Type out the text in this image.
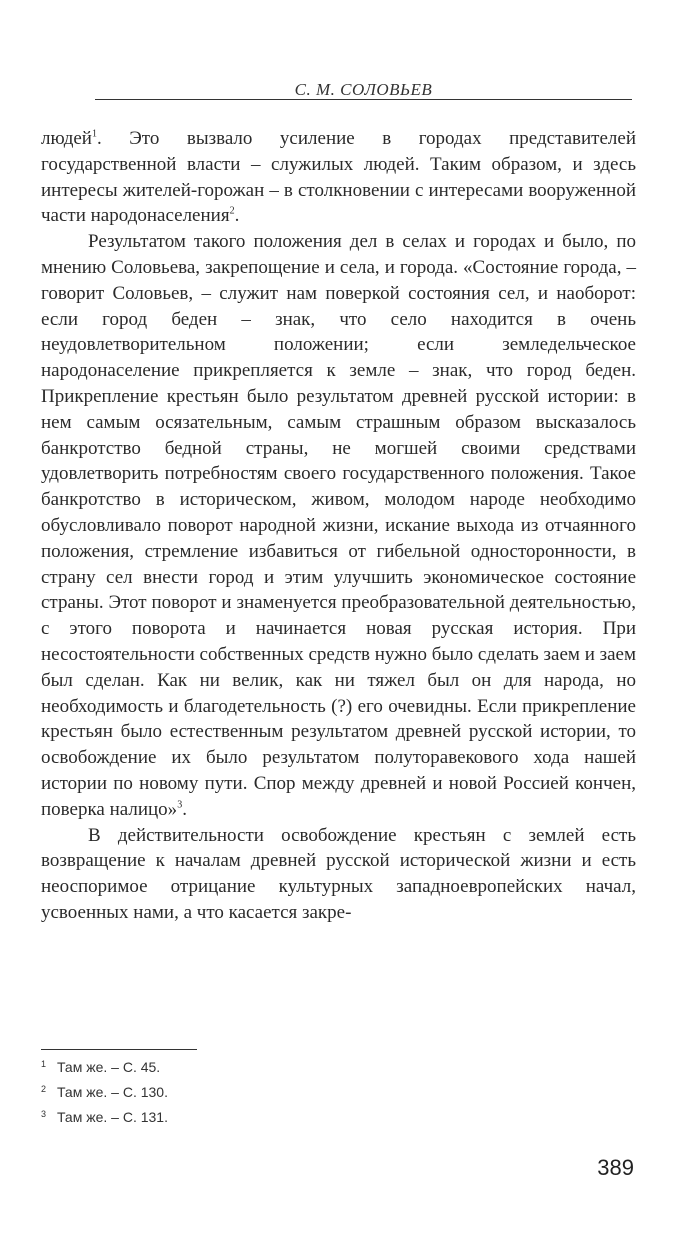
С. М. СОЛОВЬЕВ

людей$^1$. Это вызвало усиление в городах представителей государственной власти – служилых людей. Таким образом, и здесь интересы жителей-горожан – в столкновении с интересами вооруженной части народонаселения$^2$.

Результатом такого положения дел в селах и городах и было, по мнению Соловьева, закрепощение и села, и города. «Состояние города, – говорит Соловьев, – служит нам поверкой состояния сел, и наоборот: если город беден – знак, что село находится в очень неудовлетворительном положении; если земледельческое народонаселение прикрепляется к земле – знак, что город беден. Прикрепление крестьян было результатом древней русской истории: в нем самым осязательным, самым страшным образом высказалось банкротство бедной страны, не могшей своими средствами удовлетворить потребностям своего государственного положения. Такое банкротство в историческом, живом, молодом народе необходимо обусловливало поворот народной жизни, искание выхода из отчаянного положения, стремление избавиться от гибельной односторонности, в страну сел внести город и этим улучшить экономическое состояние страны. Этот поворот и знаменуется преобразовательной деятельностью, с этого поворота и начинается новая русская история. При несостоятельности собственных средств нужно было сделать заем и заем был сделан. Как ни велик, как ни тяжел был он для народа, но необходимость и благодетельность (?) его очевидны. Если прикрепление крестьян было естественным результатом древней русской истории, то освобождение их было результатом полуторавекового хода нашей истории по новому пути. Спор между древней и новой Россией кончен, поверка налицо»$^3$.

В действительности освобождение крестьян с землей есть возвращение к началам древней русской исторической жизни и есть неоспоримое отрицание культурных западноевропейских начал, усвоенных нами, а что касается закре-

1 Там же. – С. 45.
2 Там же. – С. 130.
3 Там же. – С. 131.
389
